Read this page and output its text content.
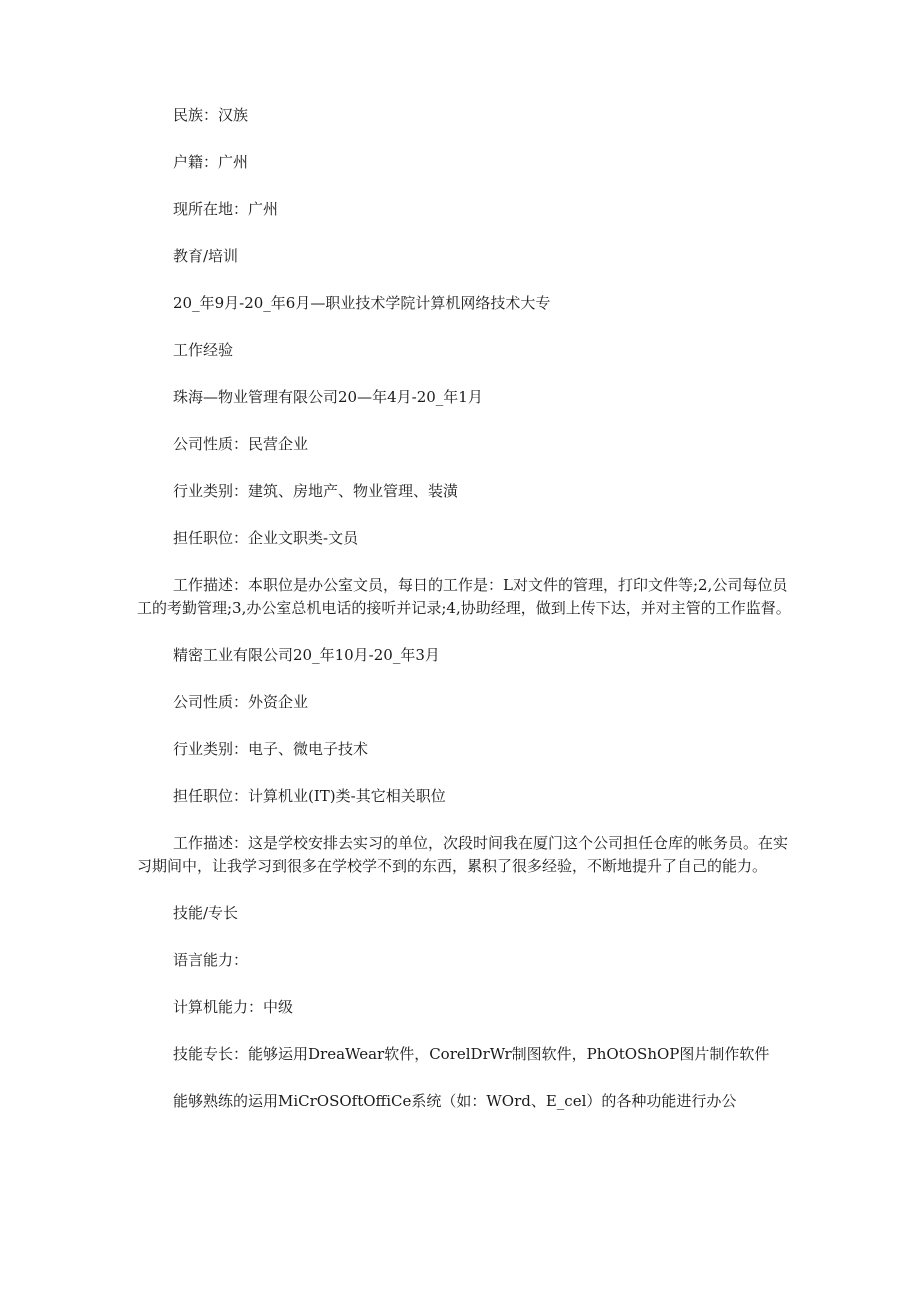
民族：汉族

户籍：广州

现所在地：广州

教育/培训

20_年9月-20_年6月—职业技术学院计算机网络技术大专

工作经验

珠海—物业管理有限公司20—年4月-20_年1月

公司性质：民营企业

行业类别：建筑、房地产、物业管理、装潢

担任职位：企业文职类-文员

工作描述：本职位是办公室文员，每日的工作是：L对文件的管理，打印文件等;2,公司每位员工的考勤管理;3,办公室总机电话的接听并记录;4,协助经理，做到上传下达，并对主管的工作监督。

精密工业有限公司20_年10月-20_年3月

公司性质：外资企业

行业类别：电子、微电子技术

担任职位：计算机业(IT)类-其它相关职位

工作描述：这是学校安排去实习的单位，次段时间我在厦门这个公司担任仓库的帐务员。在实习期间中，让我学习到很多在学校学不到的东西，累积了很多经验，不断地提升了自己的能力。

技能/专长

语言能力：

计算机能力：中级

技能专长：能够运用DreaWear软件，CorelDrWr制图软件，PhOtOShOP图片制作软件

能够熟练的运用MiCrOSOftOffiCe系统（如：WOrd、E_cel）的各种功能进行办公
